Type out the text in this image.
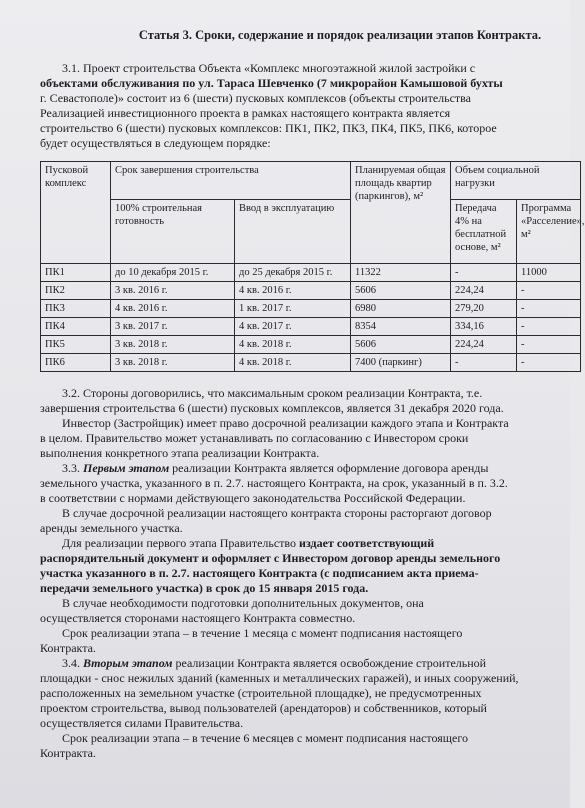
Статья 3. Сроки, содержание и порядок реализации этапов Контракта.

3.1. Проект строительства Объекта «Комплекс многоэтажной жилой застройки с

объектами обслуживания по ул. Тараса Шевченко (7 микрорайон Камышовой бухты

г. Севастополе)» состоит из 6 (шести) пусковых комплексов (объекты строительства

Реализацией инвестиционного проекта в рамках настоящего контракта является

строительство 6 (шести) пусковых комплексов: ПК1, ПК2, ПК3, ПК4, ПК5, ПК6, которое

будет осуществляться в следующем порядке:

Пусковой комплекс	Срок завершения строительства		Планируемая общая площадь квартир (паркингов), м²	Объем социальной нагрузки	
	100% строительная готовность	Ввод в эксплуатацию		Передача 4% на бесплатной основе, м²	Программа «Расселение», м²
ПК1	до 10 декабря 2015 г.	до 25 декабря 2015 г.	11322	-	11000
ПК2	3 кв. 2016 г.	4 кв. 2016 г.	5606	224,24	-
ПК3	4 кв. 2016 г.	1 кв. 2017 г.	6980	279,20	-
ПК4	3 кв. 2017 г.	4 кв. 2017 г.	8354	334,16	-
ПК5	3 кв. 2018 г.	4 кв. 2018 г.	5606	224,24	-
ПК6	3 кв. 2018 г.	4 кв. 2018 г.	7400 (паркинг)	-	-

3.2. Стороны договорились, что максимальным сроком реализации Контракта, т.е.

завершения строительства 6 (шести) пусковых комплексов, является 31 декабря 2020 года.

Инвестор (Застройщик) имеет право досрочной реализации каждого этапа и Контракта

в целом. Правительство может устанавливать по согласованию с Инвестором сроки

выполнения конкретного этапа реализации Контракта.

3.3. Первым этапом реализации Контракта является оформление договора аренды

земельного участка, указанного в п. 2.7. настоящего Контракта, на срок, указанный в п. 3.2.

в соответствии с нормами действующего законодательства Российской Федерации.

В случае досрочной реализации настоящего контракта стороны расторгают договор

аренды земельного участка.

Для реализации первого этапа Правительство издает соответствующий

распорядительный документ и оформляет с Инвестором договор аренды земельного

участка указанного в п. 2.7. настоящего Контракта (с подписанием акта приема-

передачи земельного участка) в срок до 15 января 2015 года.

В случае необходимости подготовки дополнительных документов, она

осуществляется сторонами настоящего Контракта совместно.

Срок реализации этапа – в течение 1 месяца с момент подписания настоящего

Контракта.

3.4. Вторым этапом реализации Контракта является освобождение строительной

площадки - снос нежилых зданий (каменных и металлических гаражей), и иных сооружений,

расположенных на земельном участке (строительной площадке), не предусмотренных

проектом строительства, вывод пользователей (арендаторов) и собственников, который

осуществляется силами Правительства.

Срок реализации этапа – в течение 6 месяцев с момент подписания настоящего

Контракта.
